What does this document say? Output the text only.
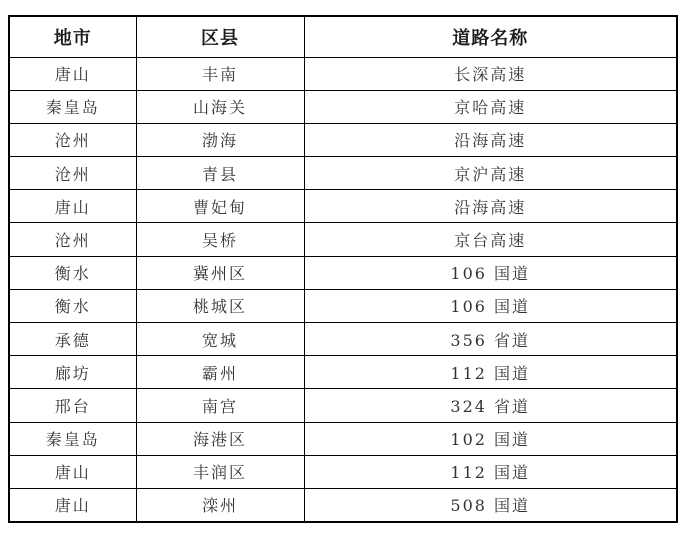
地市	区县	道路名称
唐山	丰南	长深高速
秦皇岛	山海关	京哈高速
沧州	渤海	沿海高速
沧州	青县	京沪高速
唐山	曹妃甸	沿海高速
沧州	吴桥	京台高速
衡水	冀州区	106 国道
衡水	桃城区	106 国道
承德	宽城	356 省道
廊坊	霸州	112 国道
邢台	南宫	324 省道
秦皇岛	海港区	102 国道
唐山	丰润区	112 国道
唐山	滦州	508 国道
